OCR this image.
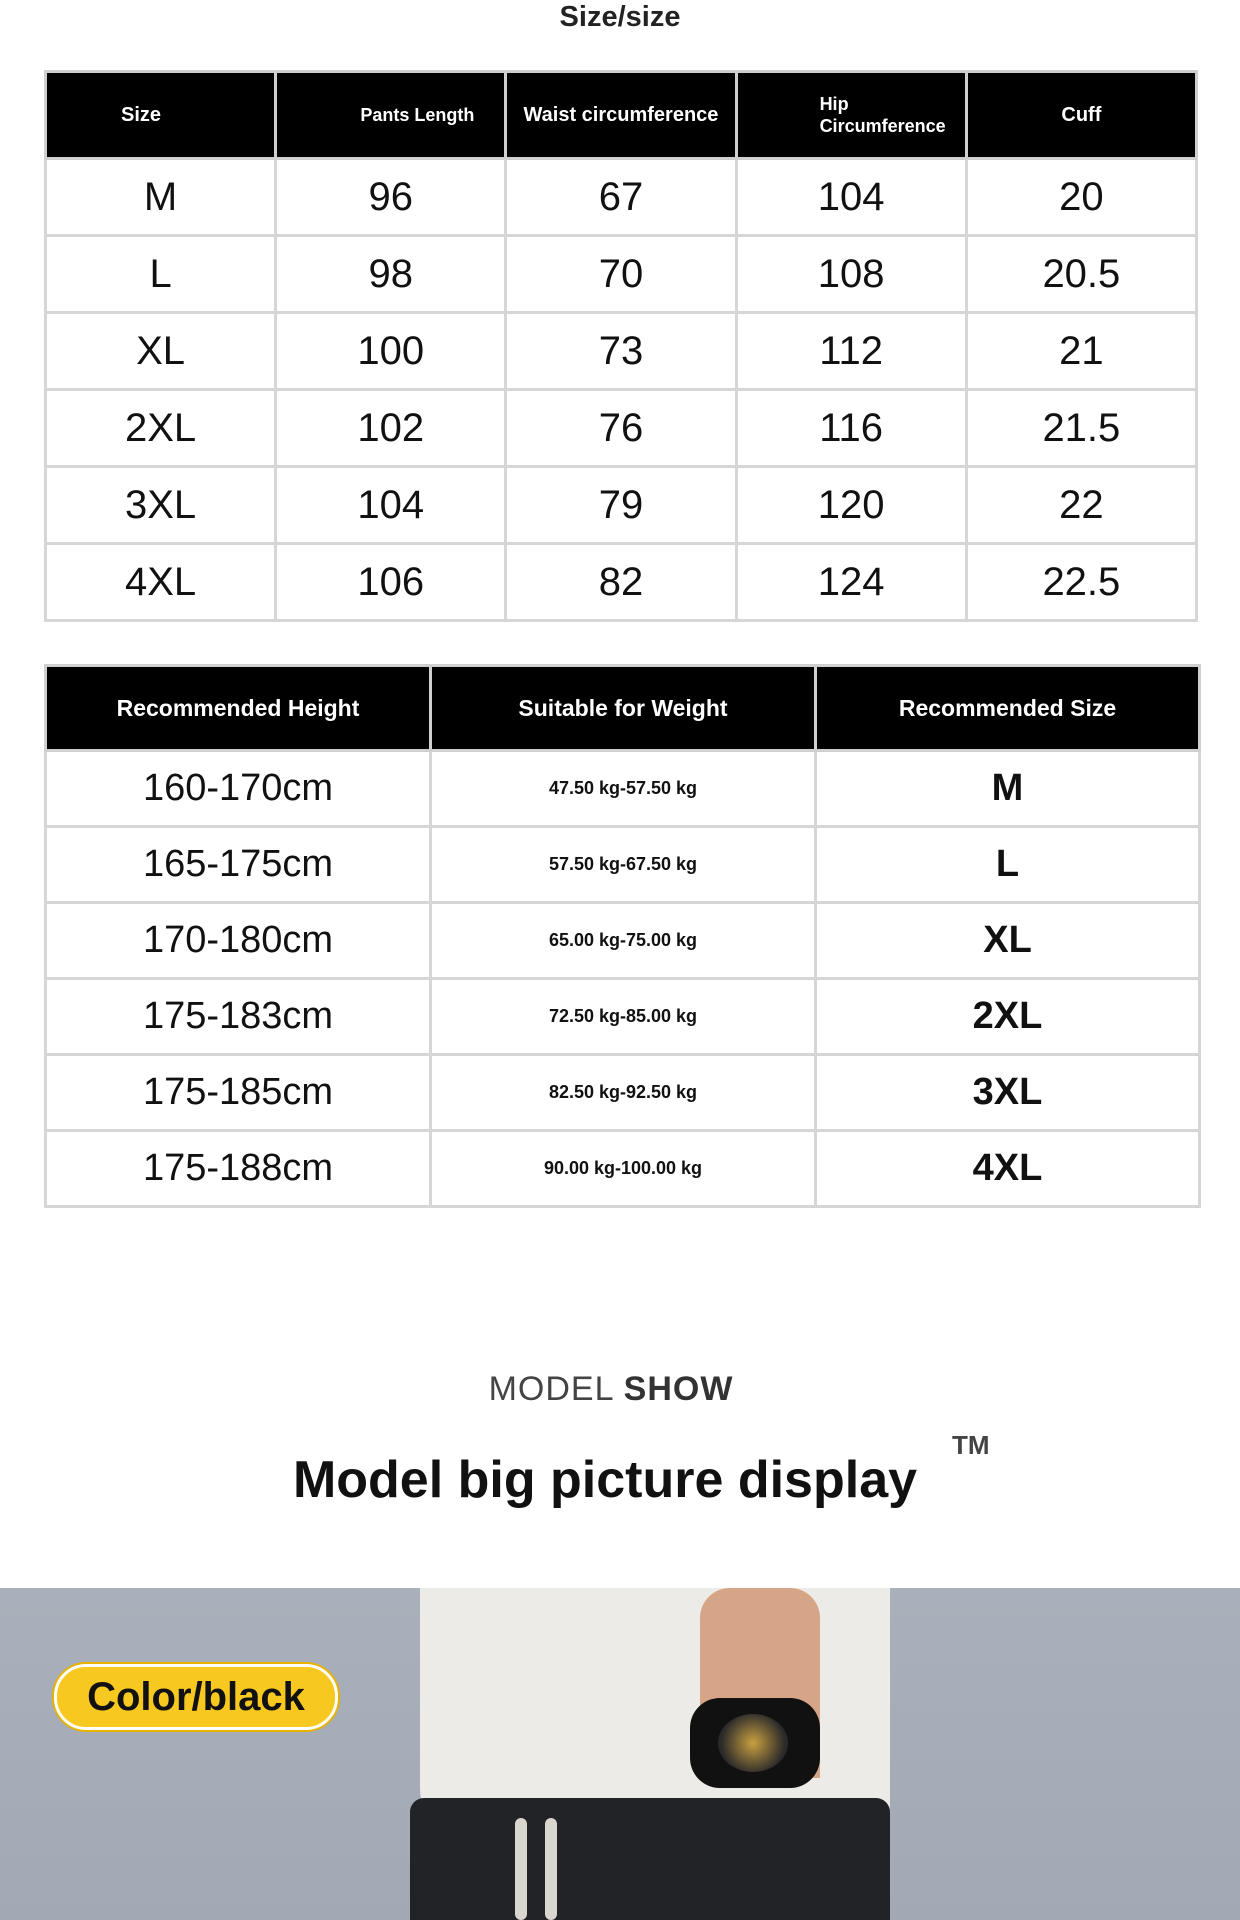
Size/size
Size	Pants Length	Waist circumference	Hip Circumference	Cuff
M	96	67	104	20
L	98	70	108	20.5
XL	100	73	112	21
2XL	102	76	116	21.5
3XL	104	79	120	22
4XL	106	82	124	22.5
Recommended Height	Suitable for Weight	Recommended Size
160-170cm	47.50 kg-57.50 kg	M
165-175cm	57.50 kg-67.50 kg	L
170-180cm	65.00 kg-75.00 kg	XL
175-183cm	72.50 kg-85.00 kg	2XL
175-185cm	82.50 kg-92.50 kg	3XL
175-188cm	90.00 kg-100.00 kg	4XL
MODEL SHOW
TM
Model big picture display
Color/black
